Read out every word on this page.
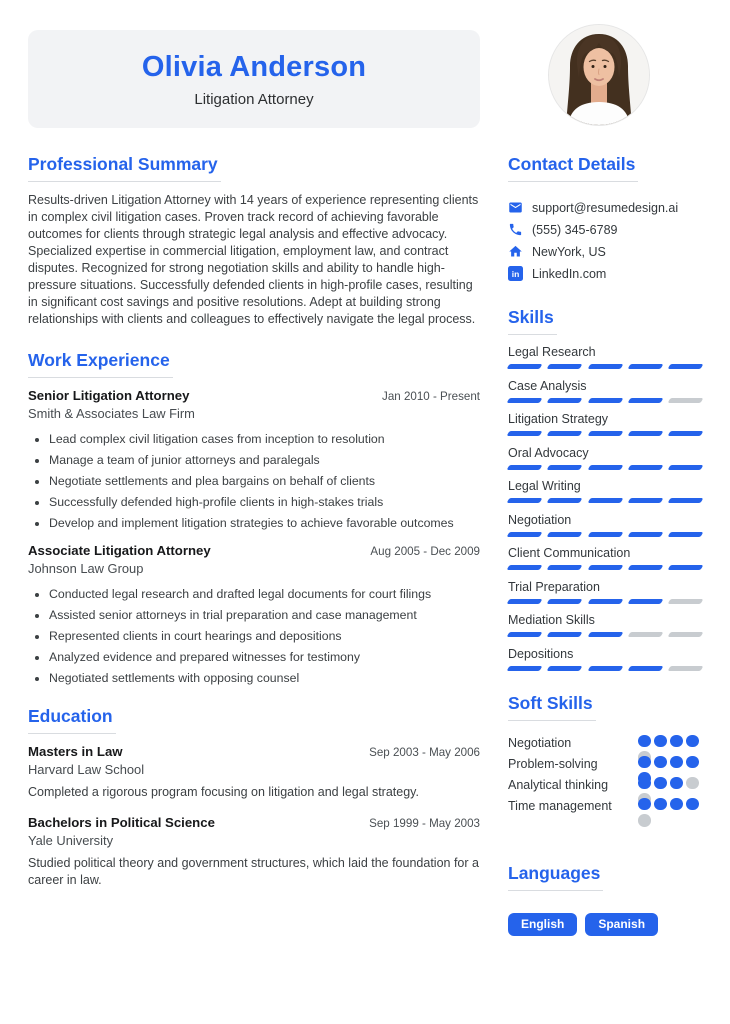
Olivia Anderson
Litigation Attorney
Professional Summary

Results-driven Litigation Attorney with 14 years of experience representing clients in complex civil litigation cases. Proven track record of achieving favorable outcomes for clients through strategic legal analysis and effective advocacy. Specialized expertise in commercial litigation, employment law, and contract disputes. Recognized for strong negotiation skills and ability to handle high-pressure situations. Successfully defended clients in high-profile cases, resulting in significant cost savings and positive resolutions. Adept at building strong relationships with clients and colleagues to effectively navigate the legal process.

Work Experience
Senior Litigation Attorney	Jan 2010 - Present
Smith & Associates Law Firm
• Lead complex civil litigation cases from inception to resolution
• Manage a team of junior attorneys and paralegals
• Negotiate settlements and plea bargains on behalf of clients
• Successfully defended high-profile clients in high-stakes trials
• Develop and implement litigation strategies to achieve favorable outcomes
Associate Litigation Attorney	Aug 2005 - Dec 2009
Johnson Law Group
• Conducted legal research and drafted legal documents for court filings
• Assisted senior attorneys in trial preparation and case management
• Represented clients in court hearings and depositions
• Analyzed evidence and prepared witnesses for testimony
• Negotiated settlements with opposing counsel
Education
Masters in Law	Sep 2003 - May 2006
Harvard Law School

Completed a rigorous program focusing on litigation and legal strategy.

Bachelors in Political Science	Sep 1999 - May 2003
Yale University

Studied political theory and government structures, which laid the foundation for a career in law.

Contact Details
support@resumedesign.ai
(555) 345-6789
NewYork, US
in LinkedIn.com
Skills
Legal Research
Case Analysis
Litigation Strategy
Oral Advocacy
Legal Writing
Negotiation
Client Communication
Trial Preparation
Mediation Skills
Depositions
Soft Skills
Negotiation
Problem-solving
Analytical thinking
Time management
Languages
English	Spanish
